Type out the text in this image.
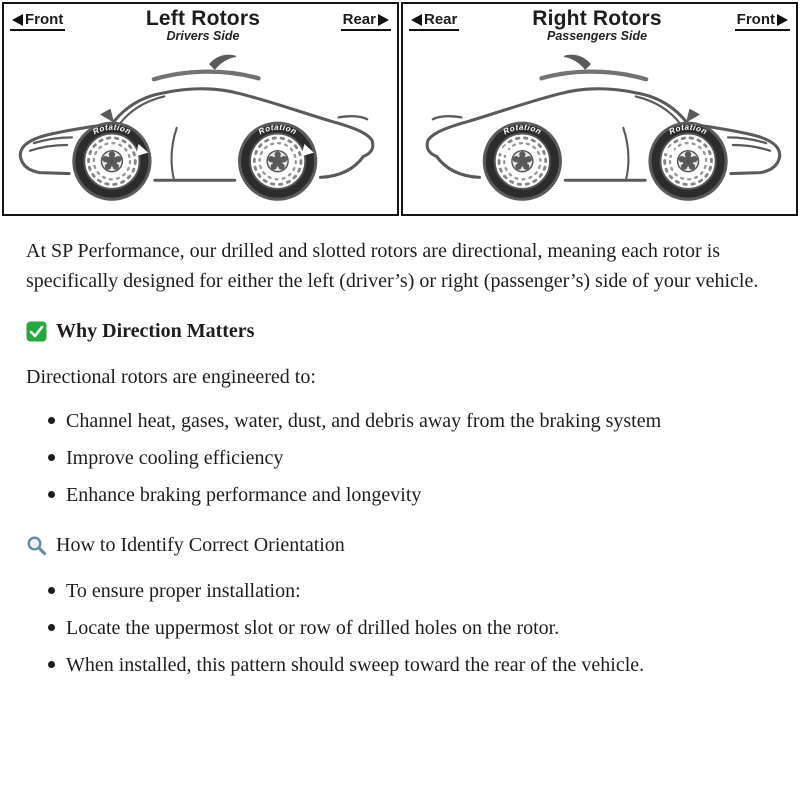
Front	Left Rotors
Drivers Side
Rear
Rotation	Rotation
Rear	Right Rotors
Passengers Side
Front
Rotation	Rotation

At SP Performance, our drilled and slotted rotors are directional, meaning each rotor is specifically designed for either the left (driver’s) or right (passenger’s) side of your vehicle.

Why Direction Matters

Directional rotors are engineered to:

Channel heat, gases, water, dust, and debris away from the braking system
Improve cooling efficiency
Enhance braking performance and longevity
How to Identify Correct Orientation
To ensure proper installation:
Locate the uppermost slot or row of drilled holes on the rotor.
When installed, this pattern should sweep toward the rear of the vehicle.
